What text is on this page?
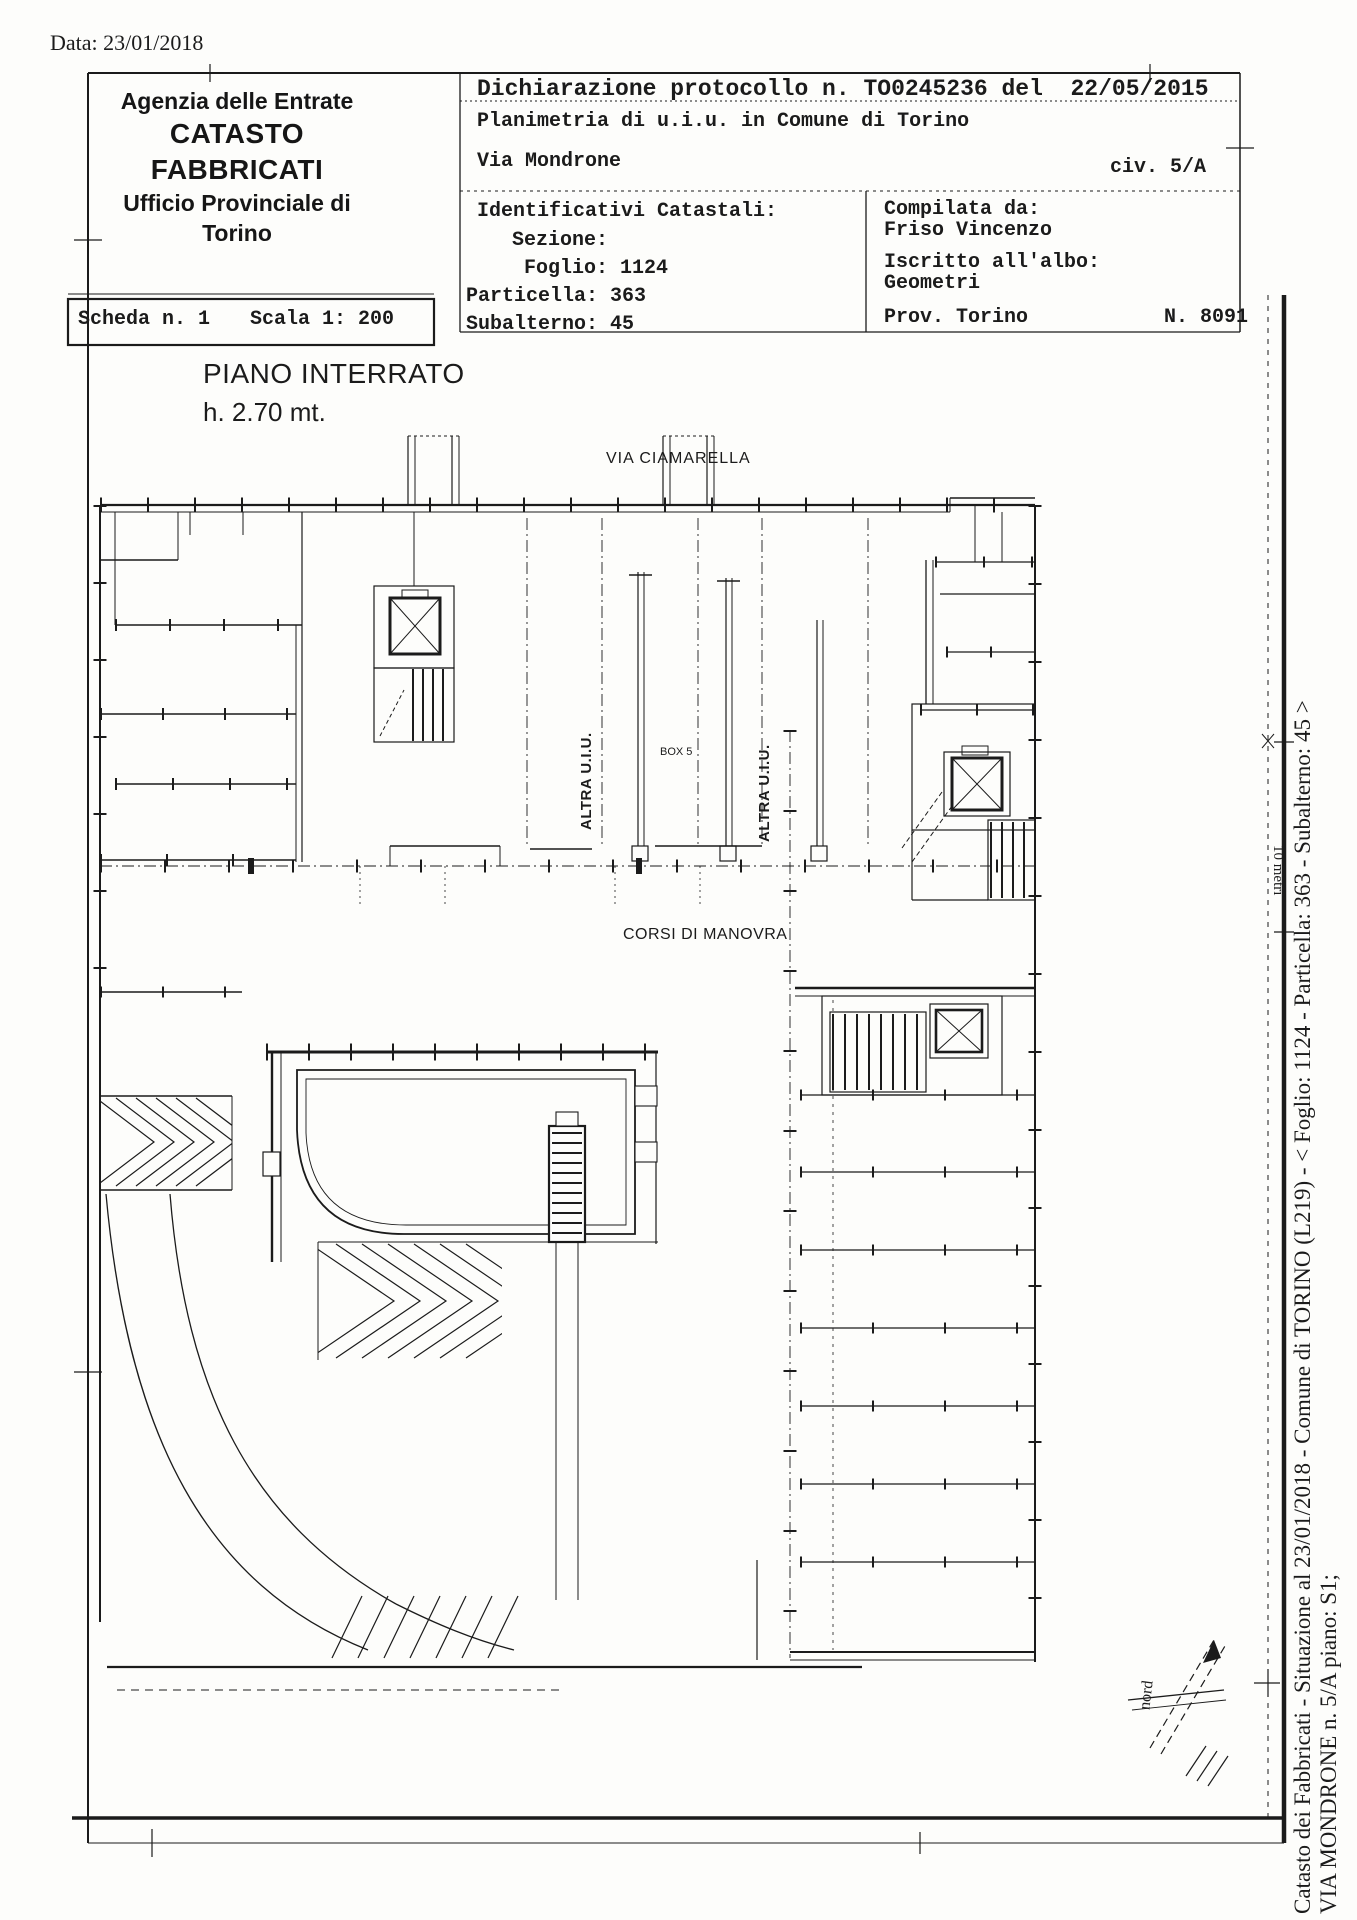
Data: 23/01/2018
Agenzia delle Entrate
CATASTO FABBRICATI
Ufficio Provinciale di
Torino
Dichiarazione protocollo n. TO0245236 del  22/05/2015
Planimetria di u.i.u. in Comune di Torino
Via Mondrone	civ. 5/A
Identificativi Catastali:
Sezione:
Foglio: 1124
Particella: 363
Subalterno: 45
Compilata da:
Friso Vincenzo
Iscritto all'albo:
Geometri
Prov. Torino	N. 8091
Scheda n. 1 Scala 1: 200
PIANO INTERRATO
h. 2.70 mt.
VIA CIAMARELLA
ALTRA U.I.U.	ALTRA U.I.U.
BOX 5
CORSI DI MANOVRA
nord
10 metri Catasto dei Fabbricati - Situazione al 23/01/2018 - Comune di TORINO (L219) - < Foglio: 1124 - Particella: 363 - Subalterno: 45 > VIA MONDRONE n. 5/A piano: S1;
